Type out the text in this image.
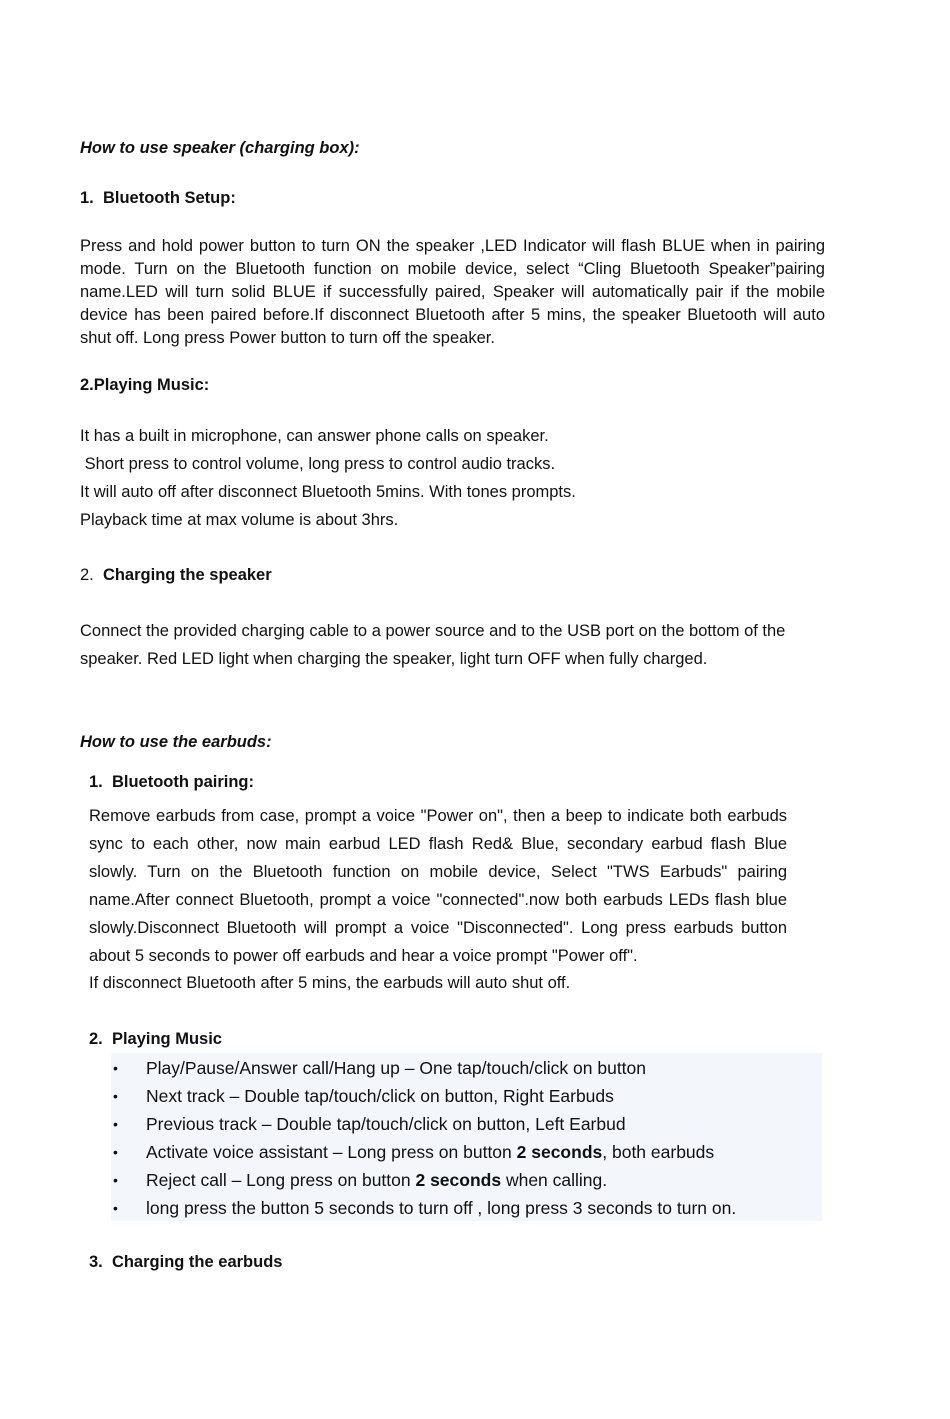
How to use speaker (charging box):
1. Bluetooth Setup:
Press and hold power button to turn ON the speaker ,LED Indicator will flash BLUE when in pairing mode. Turn on the Bluetooth function on mobile device, select “Cling Bluetooth Speaker”pairing name.LED will turn solid BLUE if successfully paired, Speaker will automatically pair if the mobile device has been paired before.If disconnect Bluetooth after 5 mins, the speaker Bluetooth will auto shut off. Long press Power button to turn off the speaker.
2.Playing Music:
It has a built in microphone, can answer phone calls on speaker.
Short press to control volume, long press to control audio tracks.
It will auto off after disconnect Bluetooth 5mins. With tones prompts.
Playback time at max volume is about 3hrs.
2. Charging the speaker
Connect the provided charging cable to a power source and to the USB port on the bottom of the
speaker. Red LED light when charging the speaker, light turn OFF when fully charged.
How to use the earbuds:
1. Bluetooth pairing:
Remove earbuds from case, prompt a voice "Power on", then a beep to indicate both earbuds sync to each other, now main earbud LED flash Red& Blue, secondary earbud flash Blue slowly. Turn on the Bluetooth function on mobile device, Select "TWS Earbuds" pairing name.After connect Bluetooth, prompt a voice "connected".now both earbuds LEDs flash blue slowly.Disconnect Bluetooth will prompt a voice "Disconnected". Long press earbuds button about 5 seconds to power off earbuds and hear a voice prompt "Power off".
If disconnect Bluetooth after 5 mins, the earbuds will auto shut off.
2. Playing Music
• Play/Pause/Answer call/Hang up – One tap/touch/click on button
• Next track – Double tap/touch/click on button, Right Earbuds
• Previous track – Double tap/touch/click on button, Left Earbud
• Activate voice assistant – Long press on button 2 seconds, both earbuds
• Reject call – Long press on button 2 seconds when calling.
• long press the button 5 seconds to turn off , long press 3 seconds to turn on.
3. Charging the earbuds
